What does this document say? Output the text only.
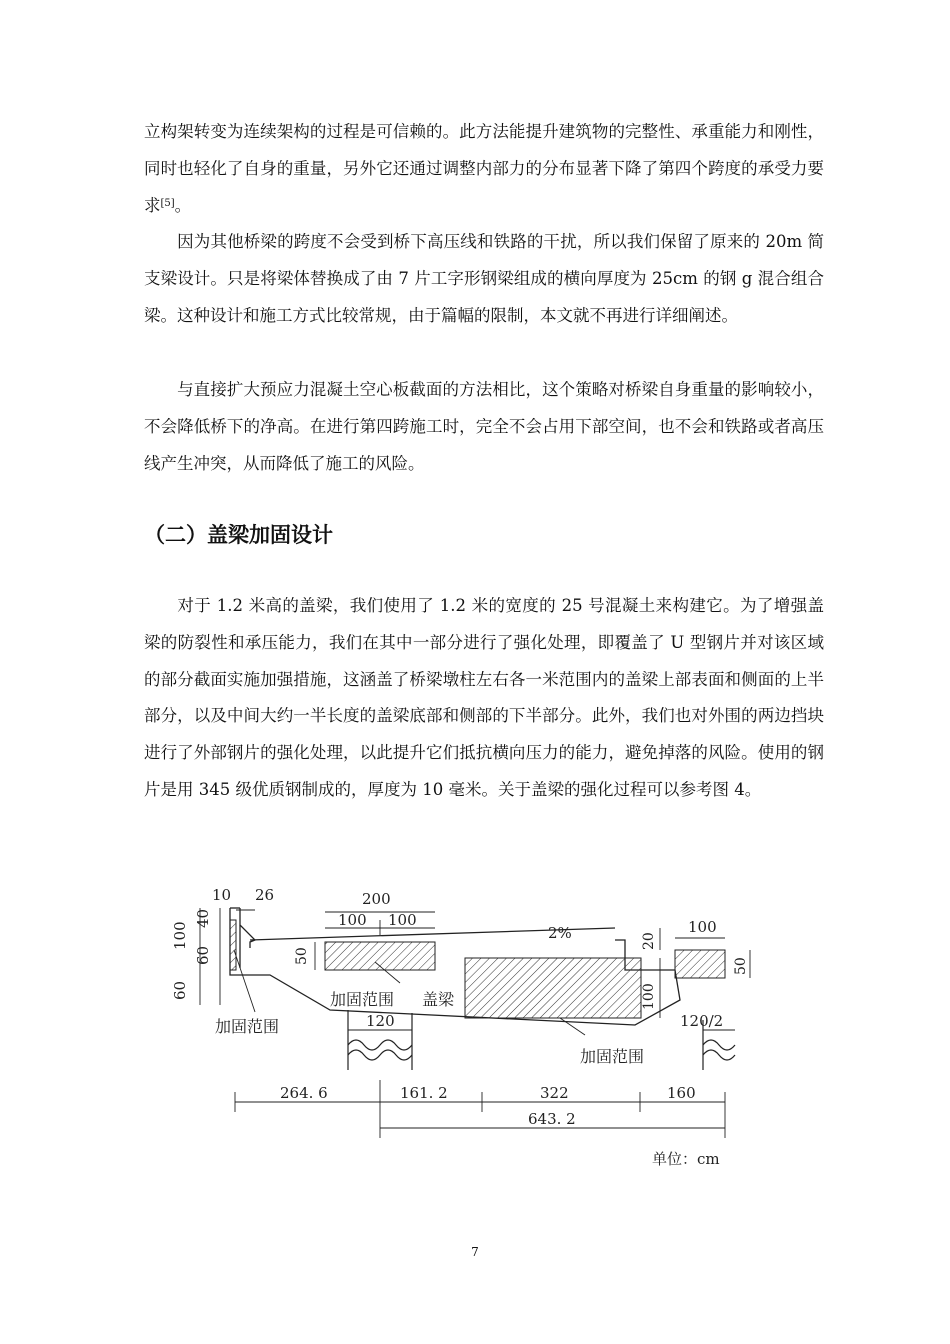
立构架转变为连续架构的过程是可信赖的。此方法能提升建筑物的完整性、承重能力和刚性，同时也轻化了自身的重量，另外它还通过调整内部力的分布显著下降了第四个跨度的承受力要求[5]。

因为其他桥梁的跨度不会受到桥下高压线和铁路的干扰，所以我们保留了原来的 20m 简支梁设计。只是将梁体替换成了由 7 片工字形钢梁组成的横向厚度为 25cm 的钢 g 混合组合梁。这种设计和施工方式比较常规，由于篇幅的限制，本文就不再进行详细阐述。

与直接扩大预应力混凝土空心板截面的方法相比，这个策略对桥梁自身重量的影响较小，不会降低桥下的净高。在进行第四跨施工时，完全不会占用下部空间，也不会和铁路或者高压线产生冲突，从而降低了施工的风险。

（二）盖梁加固设计

对于 1.2 米高的盖梁，我们使用了 1.2 米的宽度的 25 号混凝土来构建它。为了增强盖梁的防裂性和承压能力，我们在其中一部分进行了强化处理，即覆盖了 U 型钢片并对该区域的部分截面实施加强措施，这涵盖了桥梁墩柱左右各一米范围内的盖梁上部表面和侧面的上半部分，以及中间大约一半长度的盖梁底部和侧部的下半部分。此外，我们也对外围的两边挡块进行了外部钢片的强化处理，以此提升它们抵抗横向压力的能力，避免掉落的风险。使用的钢片是用 345 级优质钢制成的，厚度为 10 毫米。关于盖梁的强化过程可以参考图 4。

10 26	200
100 100
100
60
40
60
50
2%	20
100
100
50
120	120/2
264. 6	161. 2	322	160
643. 2
加固范围
加固范围 盖梁
加固范围
单位：cm
7
